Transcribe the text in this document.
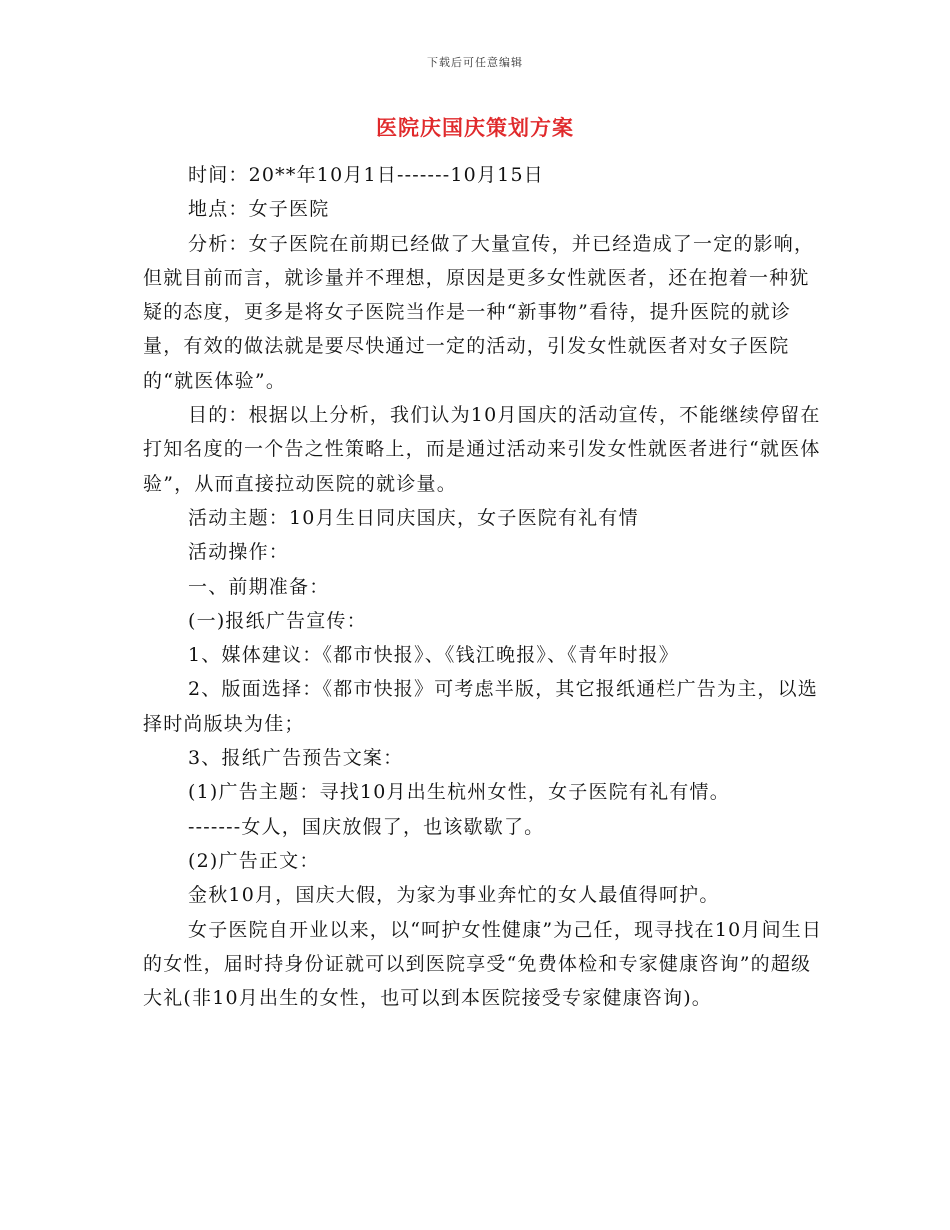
下载后可任意编辑
医院庆国庆策划方案

时间：20**年10月1日-------10月15日

地点：女子医院

分析：女子医院在前期已经做了大量宣传，并已经造成了一定的影响，但就目前而言，就诊量并不理想，原因是更多女性就医者，还在抱着一种犹疑的态度，更多是将女子医院当作是一种“新事物”看待，提升医院的就诊量，有效的做法就是要尽快通过一定的活动，引发女性就医者对女子医院的“就医体验”。

目的：根据以上分析，我们认为10月国庆的活动宣传，不能继续停留在打知名度的一个告之性策略上，而是通过活动来引发女性就医者进行“就医体验”，从而直接拉动医院的就诊量。

活动主题：10月生日同庆国庆，女子医院有礼有情

活动操作：

一、前期准备：

(一)报纸广告宣传：

1、媒体建议：《都市快报》、《钱江晚报》、《青年时报》

2、版面选择：《都市快报》可考虑半版，其它报纸通栏广告为主，以选择时尚版块为佳；

3、报纸广告预告文案：

(1)广告主题：寻找10月出生杭州女性，女子医院有礼有情。

-------女人，国庆放假了，也该歇歇了。

(2)广告正文：

金秋10月，国庆大假，为家为事业奔忙的女人最值得呵护。

女子医院自开业以来，以“呵护女性健康”为己任，现寻找在10月间生日的女性，届时持身份证就可以到医院享受“免费体检和专家健康咨询”的超级大礼(非10月出生的女性，也可以到本医院接受专家健康咨询)。
